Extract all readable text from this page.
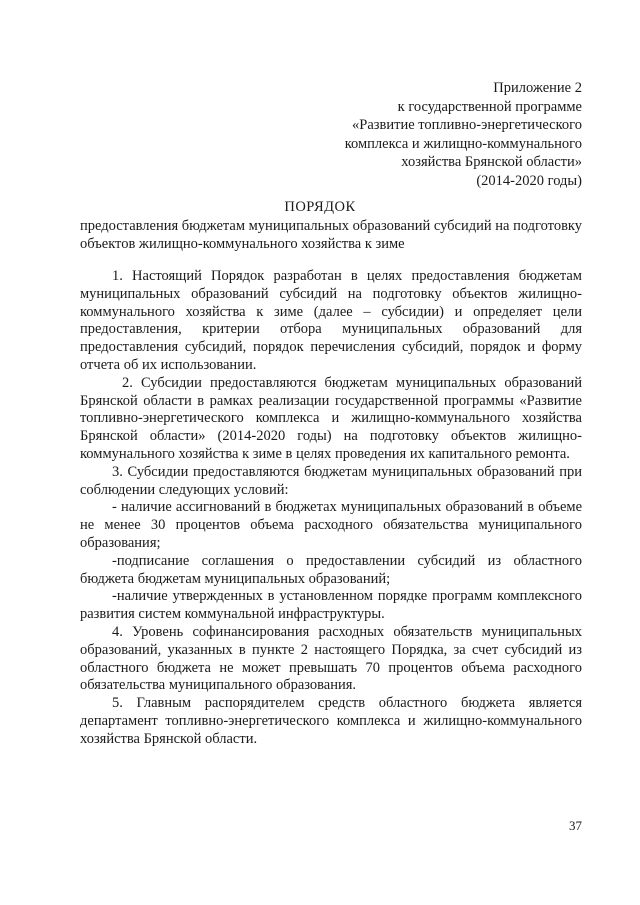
Приложение 2
к государственной программе
«Развитие топливно-энергетического
комплекса и жилищно-коммунального
хозяйства Брянской области»
(2014-2020 годы)
ПОРЯДОК
предоставления бюджетам муниципальных образований субсидий на подготовку объектов жилищно-коммунального хозяйства к зиме

1. Настоящий Порядок разработан в целях предоставления бюджетам муниципальных образований субсидий на подготовку объектов жилищно-коммунального хозяйства к зиме (далее – субсидии) и определяет цели предоставления, критерии отбора муниципальных образований для предоставления субсидий, порядок перечисления субсидий, порядок и форму отчета об их использовании.

2. Субсидии предоставляются бюджетам муниципальных образований Брянской области в рамках реализации государственной программы «Развитие топливно-энергетического комплекса и жилищно-коммунального хозяйства Брянской области» (2014-2020 годы) на подготовку объектов жилищно-коммунального хозяйства к зиме в целях проведения их капитального ремонта.

3. Субсидии предоставляются бюджетам муниципальных образований при соблюдении следующих условий:

- наличие ассигнований в бюджетах муниципальных образований в объеме не менее 30 процентов объема расходного обязательства муниципального образования;

-подписание соглашения о предоставлении субсидий из областного бюджета бюджетам муниципальных образований;

-наличие утвержденных в установленном порядке программ комплексного развития систем коммунальной инфраструктуры.

4. Уровень софинансирования расходных обязательств муниципальных образований, указанных в пункте 2 настоящего Порядка, за счет субсидий из областного бюджета не может превышать 70 процентов объема расходного обязательства муниципального образования.

5. Главным распорядителем средств областного бюджета является департамент топливно-энергетического комплекса и жилищно-коммунального хозяйства Брянской области.

37
